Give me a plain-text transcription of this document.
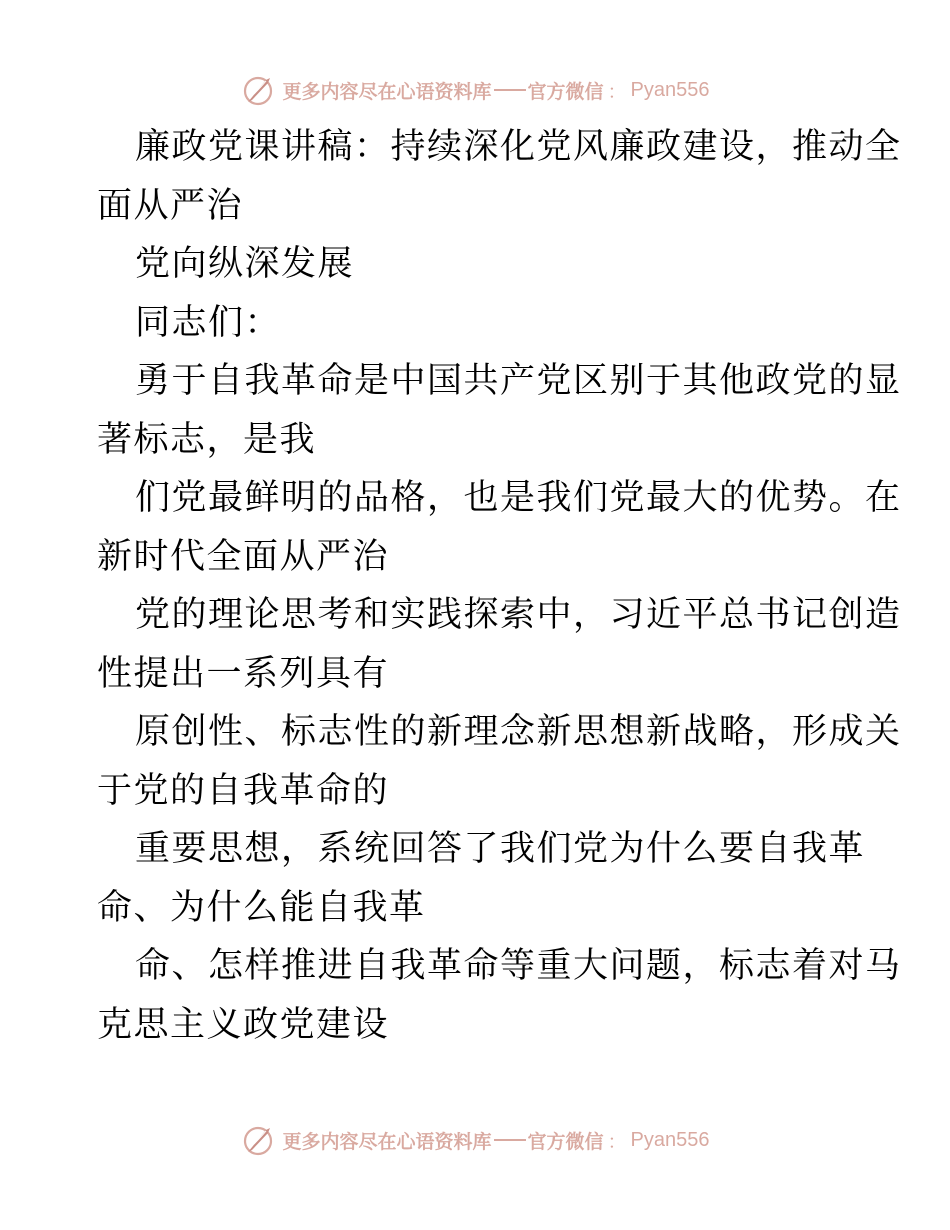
更多内容尽在心语资料库 官方微信 ： Pyan556
廉政党课讲稿：持续深化党风廉政建设，推动全
面从严治
党向纵深发展
同志们：
勇于自我革命是中国共产党区别于其他政党的显
著标志，是我
们党最鲜明的品格，也是我们党最大的优势。在
新时代全面从严治
党的理论思考和实践探索中，习近平总书记创造
性提出一系列具有
原创性、标志性的新理念新思想新战略，形成关
于党的自我革命的
重要思想，系统回答了我们党为什么要自我革
命、为什么能自我革
命、怎样推进自我革命等重大问题，标志着对马
克思主义政党建设
更多内容尽在心语资料库 官方微信 ： Pyan556
